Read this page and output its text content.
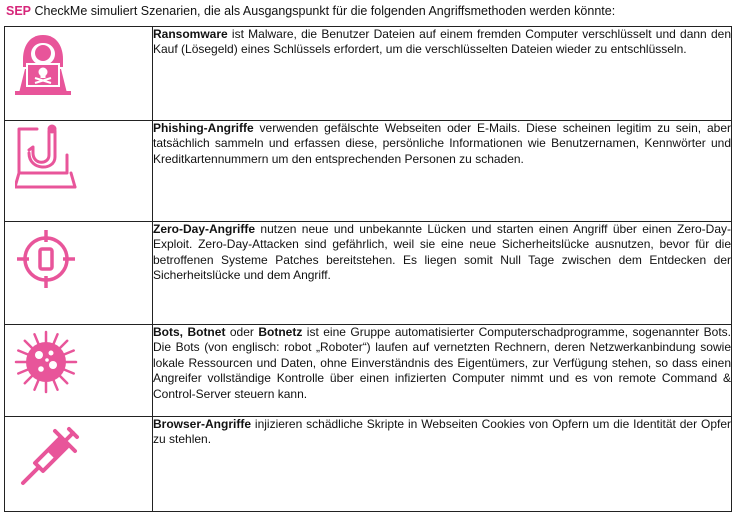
SEP CheckMe simuliert Szenarien, die als Ausgangspunkt für die folgenden Angriffsmethoden werden könnte:
	Ransomware ist Malware, die Benutzer Dateien auf einem fremden Computer verschlüsselt und dann den Kauf (Lösegeld) eines Schlüssels erfordert, um die verschlüsselten Dateien wieder zu entschlüsseln.

	Phishing-Angriffe verwenden gefälschte Webseiten oder E-Mails. Diese scheinen legitim zu sein, aber tatsächlich sammeln und erfassen diese, persönliche Informationen wie Benutzernamen, Kennwörter und Kreditkartennummern um den entsprechenden Personen zu schaden.

	Zero-Day-Angriffe nutzen neue und unbekannte Lücken und starten einen Angriff über einen Zero-Day-Exploit. Zero-Day-Attacken sind gefährlich, weil sie eine neue Sicherheitslücke ausnutzen, bevor für die betroffenen Systeme Patches bereitstehen. Es liegen somit Null Tage zwischen dem Entdecken der Sicherheitslücke und dem Angriff.

	Bots, Botnet oder Botnetz ist eine Gruppe automatisierter Computerschadprogramme, sogenannter Bots. Die Bots (von englisch: robot „Roboter“) laufen auf vernetzten Rechnern, deren Netzwerkanbindung sowie lokale Ressourcen und Daten, ohne Einverständnis des Eigentümers, zur Verfügung stehen, so dass einen Angreifer vollständige Kontrolle über einen infizierten Computer nimmt und es von remote Command & Control-Server steuern kann.

	Browser-Angriffe injizieren schädliche Skripte in Webseiten Cookies von Opfern um die Identität der Opfer zu stehlen.
